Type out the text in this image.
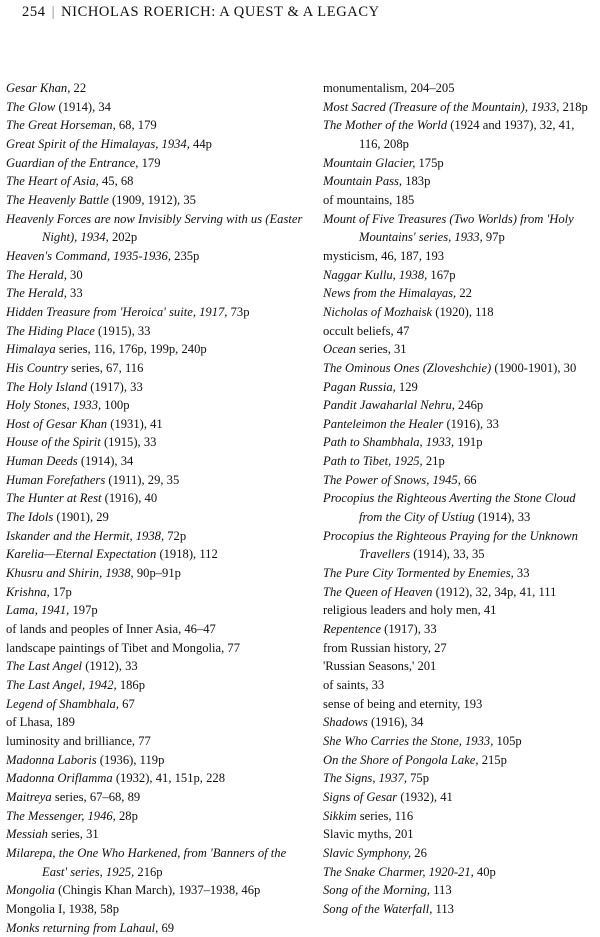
254 | NICHOLAS ROERICH: A QUEST & A LEGACY
Gesar Khan, 22
The Glow (1914), 34
The Great Horseman, 68, 179
Great Spirit of the Himalayas, 1934, 44p
Guardian of the Entrance, 179
The Heart of Asia, 45, 68
The Heavenly Battle (1909, 1912), 35
Heavenly Forces are now Invisibly Serving with us (Easter Night), 1934, 202p
Heaven's Command, 1935-1936, 235p
The Herald, 30
The Herald, 33
Hidden Treasure from 'Heroica' suite, 1917, 73p
The Hiding Place (1915), 33
Himalaya series, 116, 176p, 199p, 240p
His Country series, 67, 116
The Holy Island (1917), 33
Holy Stones, 1933, 100p
Host of Gesar Khan (1931), 41
House of the Spirit (1915), 33
Human Deeds (1914), 34
Human Forefathers (1911), 29, 35
The Hunter at Rest (1916), 40
The Idols (1901), 29
Iskander and the Hermit, 1938, 72p
Karelia—Eternal Expectation (1918), 112
Khusru and Shirin, 1938, 90p–91p
Krishna, 17p
Lama, 1941, 197p
of lands and peoples of Inner Asia, 46–47
landscape paintings of Tibet and Mongolia, 77
The Last Angel (1912), 33
The Last Angel, 1942, 186p
Legend of Shambhala, 67
of Lhasa, 189
luminosity and brilliance, 77
Madonna Laboris (1936), 119p
Madonna Oriflamma (1932), 41, 151p, 228
Maitreya series, 67–68, 89
The Messenger, 1946, 28p
Messiah series, 31
Milarepa, the One Who Harkened, from 'Banners of the East' series, 1925, 216p
Mongolia (Chingis Khan March), 1937–1938, 46p
Mongolia I, 1938, 58p
Monks returning from Lahaul, 69
monumentalism, 204–205
Most Sacred (Treasure of the Mountain), 1933, 218p
The Mother of the World (1924 and 1937), 32, 41, 116, 208p
Mountain Glacier, 175p
Mountain Pass, 183p
of mountains, 185
Mount of Five Treasures (Two Worlds) from 'Holy Mountains' series, 1933, 97p
mysticism, 46, 187, 193
Naggar Kullu, 1938, 167p
News from the Himalayas, 22
Nicholas of Mozhaisk (1920), 118
occult beliefs, 47
Ocean series, 31
The Ominous Ones (Zloveshchie) (1900-1901), 30
Pagan Russia, 129
Pandit Jawaharlal Nehru, 246p
Panteleimon the Healer (1916), 33
Path to Shambhala, 1933, 191p
Path to Tibet, 1925, 21p
The Power of Snows, 1945, 66
Procopius the Righteous Averting the Stone Cloud from the City of Ustiug (1914), 33
Procopius the Righteous Praying for the Unknown Travellers (1914), 33, 35
The Pure City Tormented by Enemies, 33
The Queen of Heaven (1912), 32, 34p, 41, 111
religious leaders and holy men, 41
Repentence (1917), 33
from Russian history, 27
'Russian Seasons,' 201
of saints, 33
sense of being and eternity, 193
Shadows (1916), 34
She Who Carries the Stone, 1933, 105p
On the Shore of Pongola Lake, 215p
The Signs, 1937, 75p
Signs of Gesar (1932), 41
Sikkim series, 116
Slavic myths, 201
Slavic Symphony, 26
The Snake Charmer, 1920-21, 40p
Song of the Morning, 113
Song of the Waterfall, 113
